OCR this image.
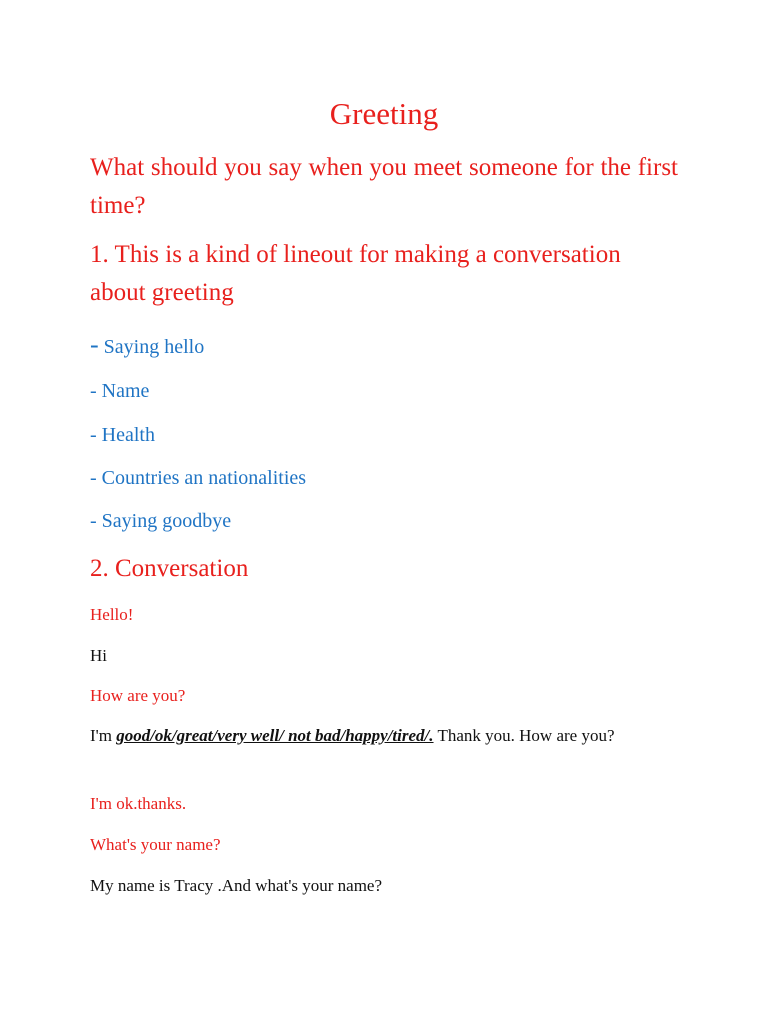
Greeting
What should you say when you meet someone for the first time?
1. This is a kind of lineout for making a conversation about greeting
- Saying hello
- Name
- Health
- Countries an nationalities
- Saying goodbye
2. Conversation
Hello!
Hi
How are you?
I'm good/ok/great/very well/ not bad/happy/tired/. Thank you. How are you?
I'm ok.thanks.
What's your name?
My name is Tracy .And what's your name?
